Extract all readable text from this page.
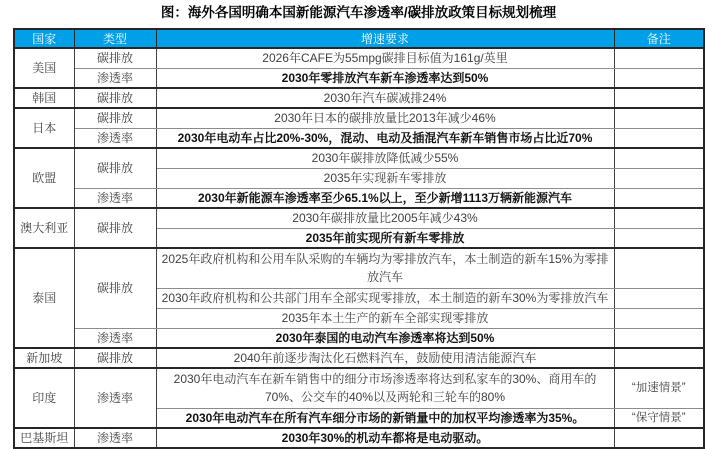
图：海外各国明确本国新能源汽车渗透率/碳排放政策目标规划梳理
国家	类型	增速要求	备注
美国	碳排放	2026年CAFE为55mpg碳排目标值为161g/英里	
	渗透率	2030年零排放汽车新车渗透率达到50%	
韩国	碳排放	2030年汽车碳减排24%	
日本	碳排放	2030年日本的碳排放量比2013年减少46%	
	渗透率	2030年电动车占比20%-30%，混动、电动及插混汽车新车销售市场占比近70%	
欧盟	碳排放	2030年碳排放降低减少55%	
		2035年实现新车零排放	
	渗透率	2030年新能源车渗透率至少65.1%以上，至少新增1113万辆新能源汽车	
澳大利亚	碳排放	2030年碳排放量比2005年减少43%	
		2035年前实现所有新车零排放	
泰国	碳排放	2025年政府机构和公用车队采购的车辆均为零排放汽车，本土制造的新车15%为零排放汽车	
		2030年政府机构和公共部门用车全部实现零排放，本土制造的新车30%为零排放汽车	
		2035年本土生产的新车全部实现零排放	
	渗透率	2030年泰国的电动汽车渗透率将达到50%	
新加坡	碳排放	2040年前逐步淘汰化石燃料汽车，鼓励使用清洁能源汽车	
印度	渗透率	2030年电动汽车在新车销售中的细分市场渗透率将达到私家车的30%、商用车的70%、公交车的40%以及两轮和三轮车的80%	“加速情景”
		2030年电动汽车在所有汽车细分市场的新销量中的加权平均渗透率为35%。	“保守情景”
巴基斯坦	渗透率	2030年30%的机动车都将是电动驱动。	
